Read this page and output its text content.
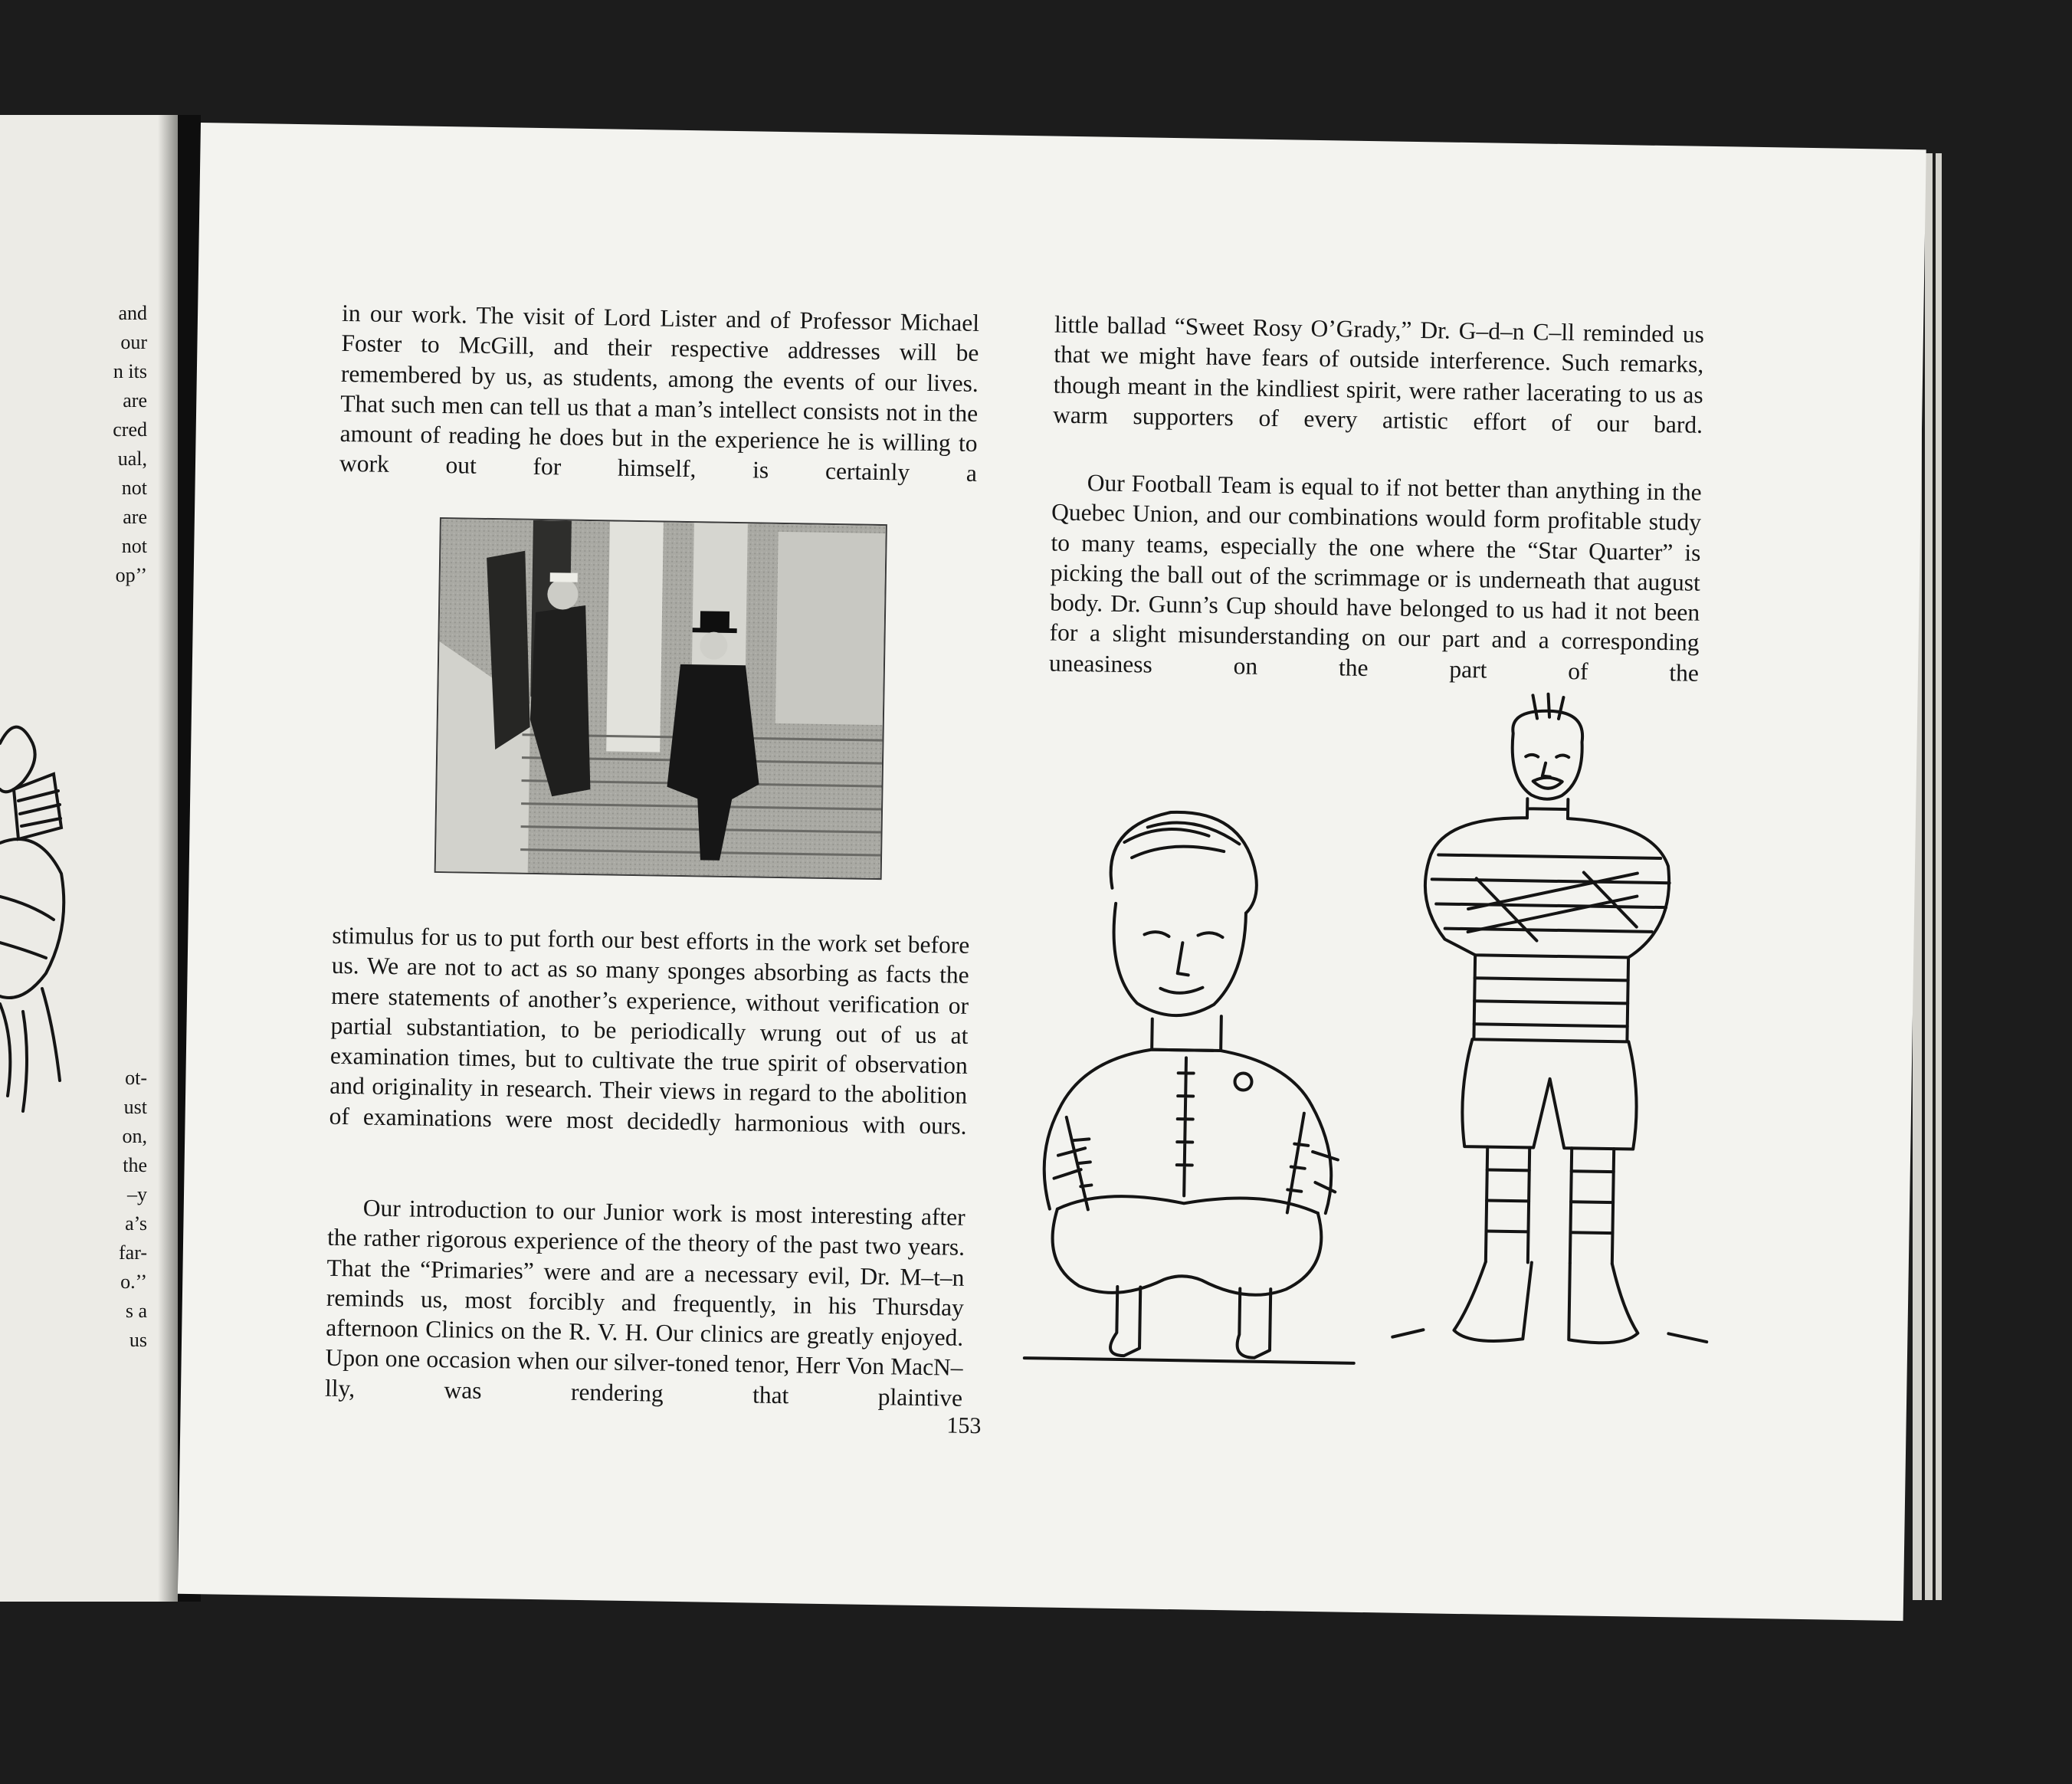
and
our
n its
are
cred
ual,
not
are
not
op’’
ot-
ust
on,
the
–y
a’s
far-
o.’’
s a
us

in our work. The visit of Lord Lister and of Professor Michael Foster to McGill, and their respective addresses will be remembered by us, as students, among the events of our lives. That such men can tell us that a man’s intellect consists not in the amount of reading he does but in the experience he is willing to work out for himself, is certainly a

stimulus for us to put forth our best efforts in the work set before us. We are not to act as so many sponges absorbing as facts the mere statements of another’s experience, without verification or partial substantiation, to be periodically wrung out of us at examination times, but to cultivate the true spirit of observation and originality in research. Their views in regard to the abolition of examinations were most decidedly harmonious with ours.

Our introduction to our Junior work is most interesting after the rather rigorous experience of the theory of the past two years. That the “Primaries” were and are a necessary evil, Dr. M–t–n reminds us, most forcibly and frequently, in his Thursday afternoon Clinics on the R. V. H. Our clinics are greatly enjoyed. Upon one occasion when our silver-toned tenor, Herr Von MacN–lly, was rendering that plaintive

little ballad “Sweet Rosy O’Grady,” Dr. G–d–n C–ll reminded us that we might have fears of outside interference. Such remarks, though meant in the kindliest spirit, were rather lacerating to us as warm supporters of every artistic effort of our bard.

Our Football Team is equal to if not better than anything in the Quebec Union, and our combinations would form profitable study to many teams, especially the one where the “Star Quarter” is picking the ball out of the scrimmage or is underneath that august body. Dr. Gunn’s Cup should have belonged to us had it not been for a slight misunderstanding on our part and a corresponding uneasiness on the part of the

153
